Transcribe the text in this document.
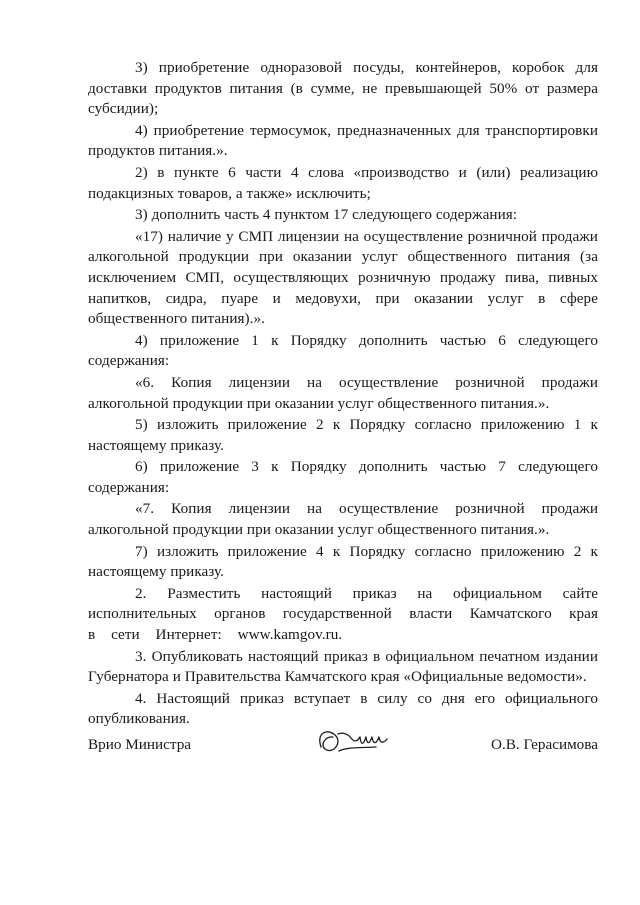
3) приобретение одноразовой посуды, контейнеров, коробок для доставки продуктов питания (в сумме, не превышающей 50% от размера субсидии);

4) приобретение термосумок, предназначенных для транспортировки продуктов питания.».

2) в пункте 6 части 4 слова «производство и (или) реализацию подакцизных товаров, а также» исключить;

3) дополнить часть 4 пунктом 17 следующего содержания:

«17) наличие у СМП лицензии на осуществление розничной продажи алкогольной продукции при оказании услуг общественного питания (за исключением СМП, осуществляющих розничную продажу пива, пивных напитков, сидра, пуаре и медовухи, при оказании услуг в сфере общественного питания).».

4) приложение 1 к Порядку дополнить частью 6 следующего содержания:

«6. Копия лицензии на осуществление розничной продажи алкогольной продукции при оказании услуг общественного питания.».

5) изложить приложение 2 к Порядку согласно приложению 1 к настоящему приказу.

6) приложение 3 к Порядку дополнить частью 7 следующего содержания:

«7. Копия лицензии на осуществление розничной продажи алкогольной продукции при оказании услуг общественного питания.».

7) изложить приложение 4 к Порядку согласно приложению 2 к настоящему приказу.

2. Разместить настоящий приказ на официальном сайте исполнительных органов государственной власти Камчатского края в сети Интернет: www.kamgov.ru.

3. Опубликовать настоящий приказ в официальном печатном издании Губернатора и Правительства Камчатского края «Официальные ведомости».

4. Настоящий приказ вступает в силу со дня его официального опубликования.

Врио Министра	О.В. Герасимова
